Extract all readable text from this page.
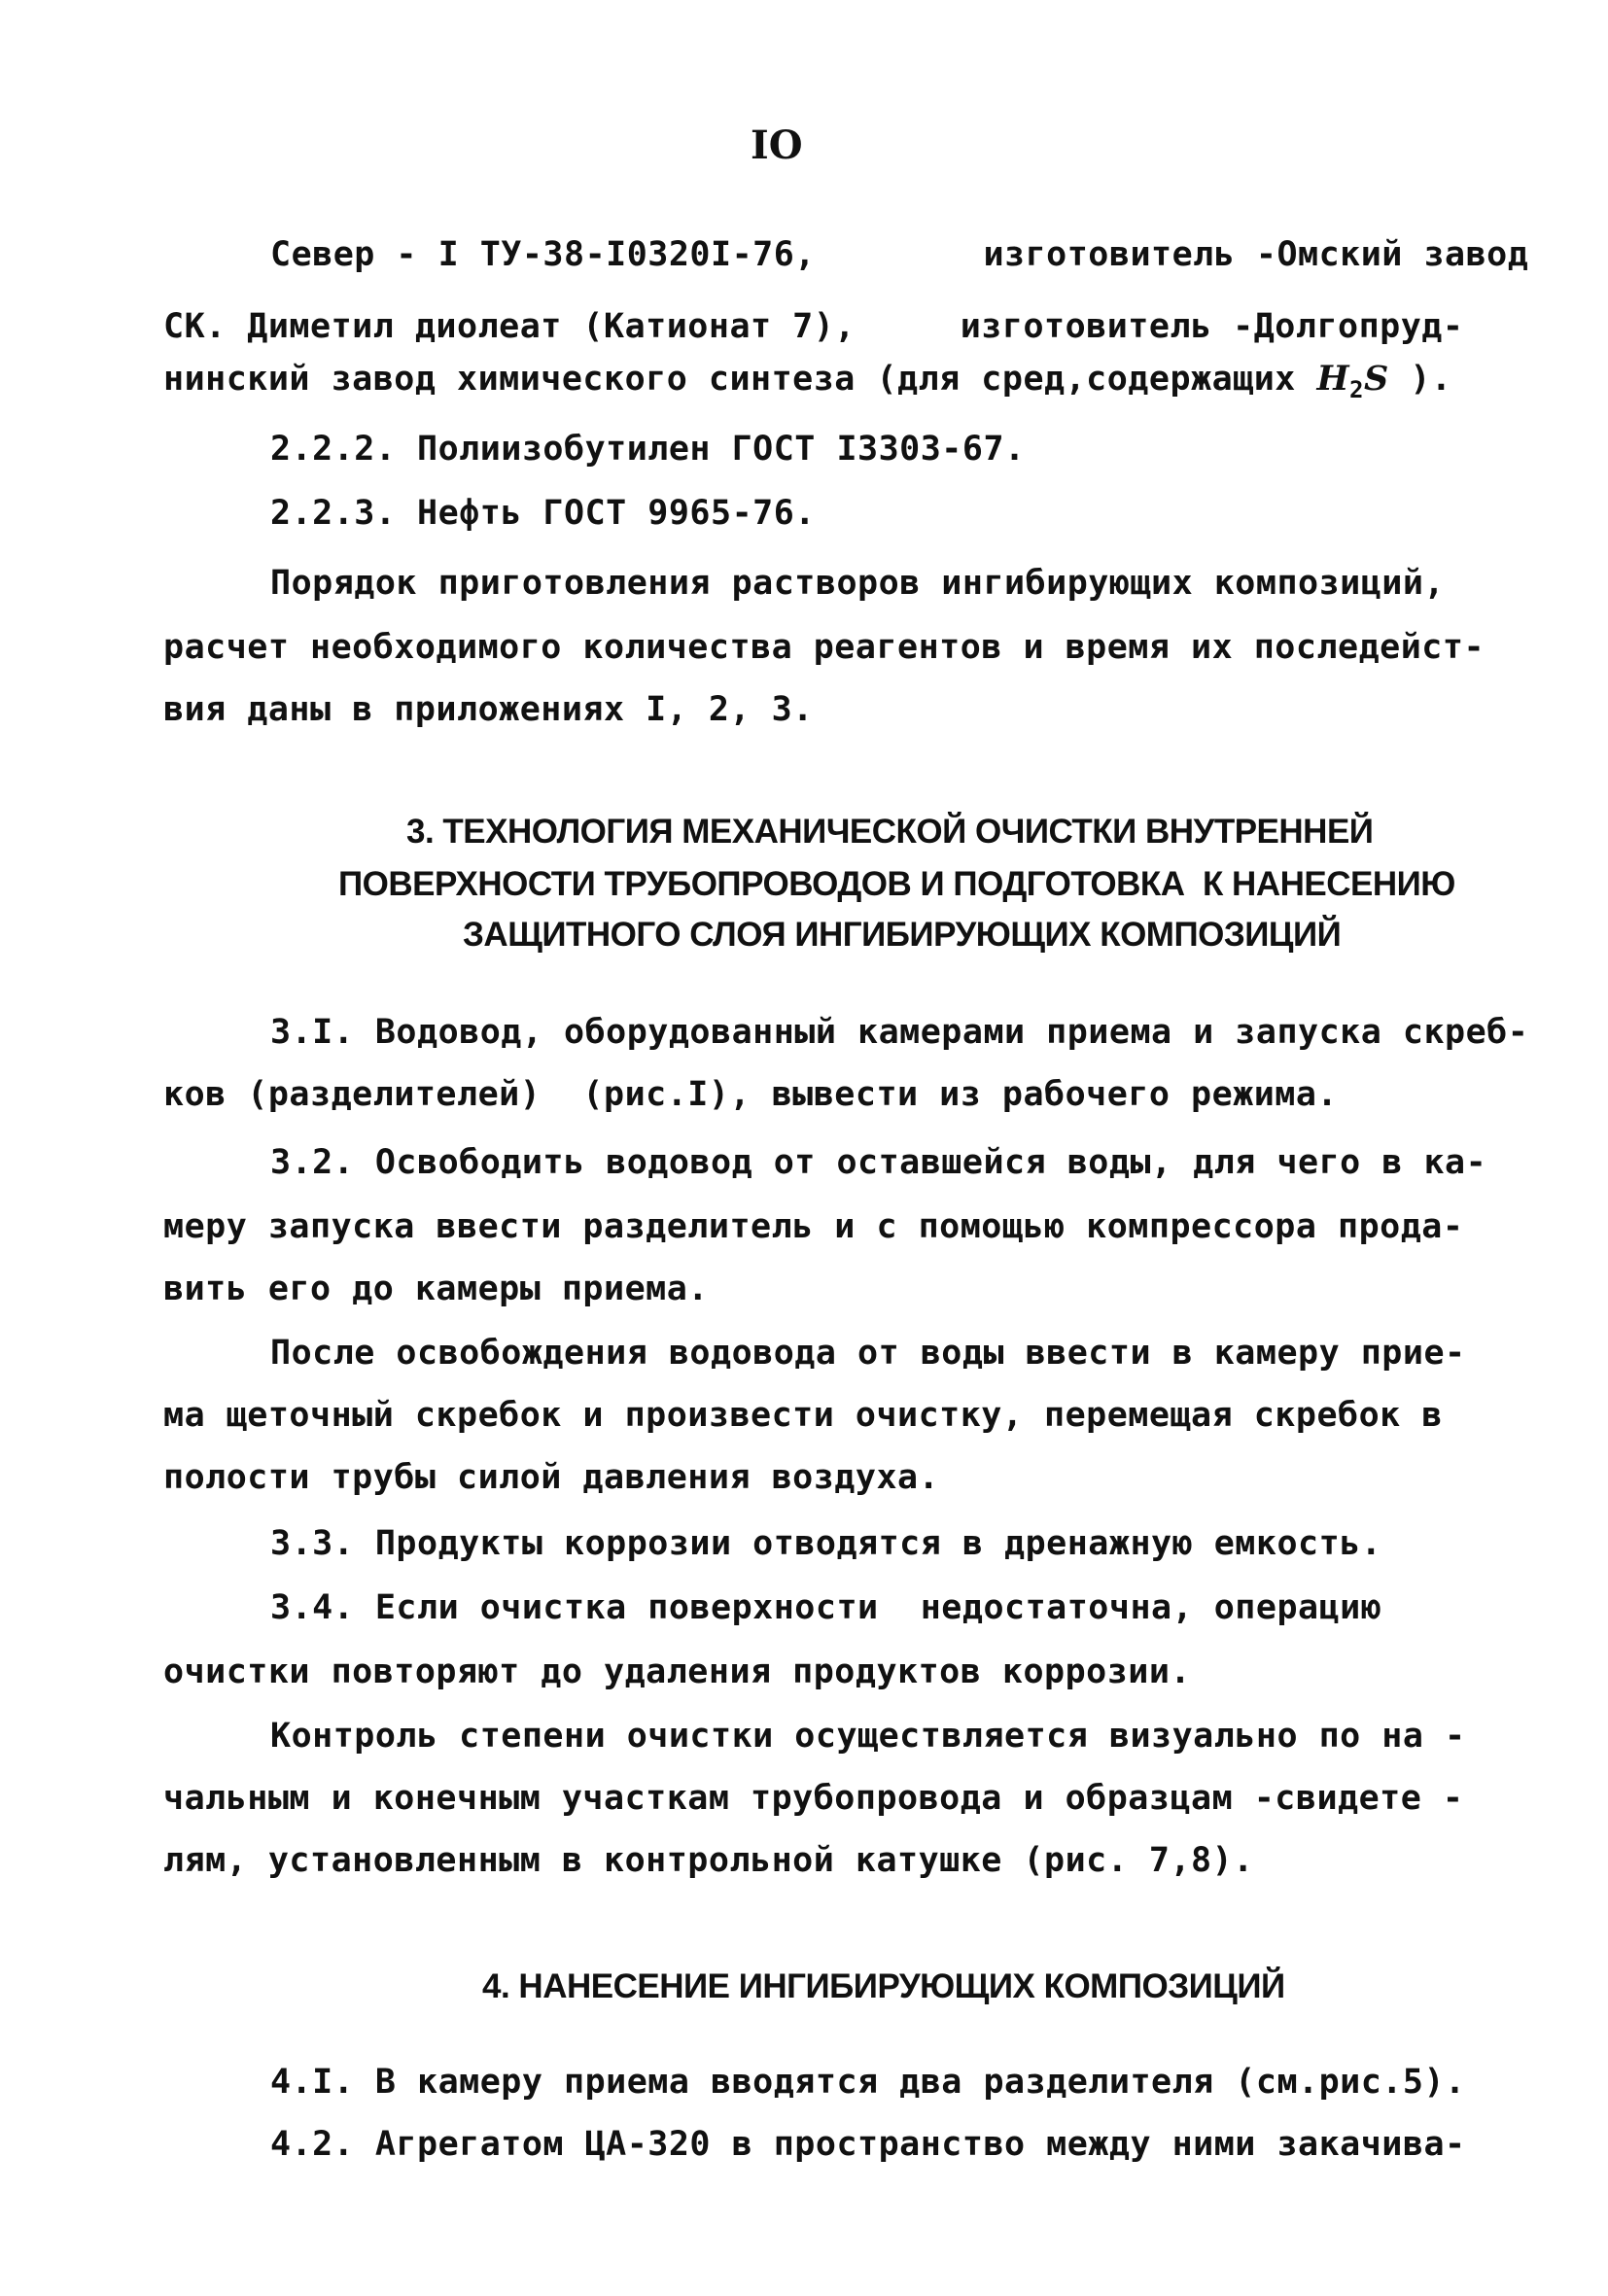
IO
Север - I ТУ-38-I0320I-76,        изготовитель -Омский завод
СК. Диметил диолеат (Катионат 7),     изготовитель -Долгопруд-
нинский завод химического синтеза (для сред,содержащих $H_2S$ ).
2.2.2. Полиизобутилен ГОСТ I3303-67.
2.2.3. Нефть ГОСТ 9965-76.
Порядок приготовления растворов ингибирующих композиций,
расчет необходимого количества реагентов и время их последейст-
вия даны в приложениях I, 2, 3.
3. ТЕХНОЛОГИЯ МЕХАНИЧЕСКОЙ ОЧИСТКИ ВНУТРЕННЕЙ
ПОВЕРХНОСТИ ТРУБОПРОВОДОВ И ПОДГОТОВКА  К НАНЕСЕНИЮ
ЗАЩИТНОГО СЛОЯ ИНГИБИРУЮЩИХ КОМПОЗИЦИЙ
3.I. Водовод, оборудованный камерами приема и запуска скреб-
ков (разделителей)  (рис.I), вывести из рабочего режима.
3.2. Освободить водовод от оставшейся воды, для чего в ка-
меру запуска ввести разделитель и с помощью компрессора прода-
вить его до камеры приема.
После освобождения водовода от воды ввести в камеру прие-
ма щеточный скребок и произвести очистку, перемещая скребок в
полости трубы силой давления воздуха.
3.3. Продукты коррозии отводятся в дренажную емкость.
3.4. Если очистка поверхности  недостаточна, операцию
очистки повторяют до удаления продуктов коррозии.
Контроль степени очистки осуществляется визуально по на -
чальным и конечным участкам трубопровода и образцам -свидете -
лям, установленным в контрольной катушке (рис. 7,8).
4. НАНЕСЕНИЕ ИНГИБИРУЮЩИХ КОМПОЗИЦИЙ
4.I. В камеру приема вводятся два разделителя (см.рис.5).
4.2. Агрегатом ЦА-320 в пространство между ними закачива-
